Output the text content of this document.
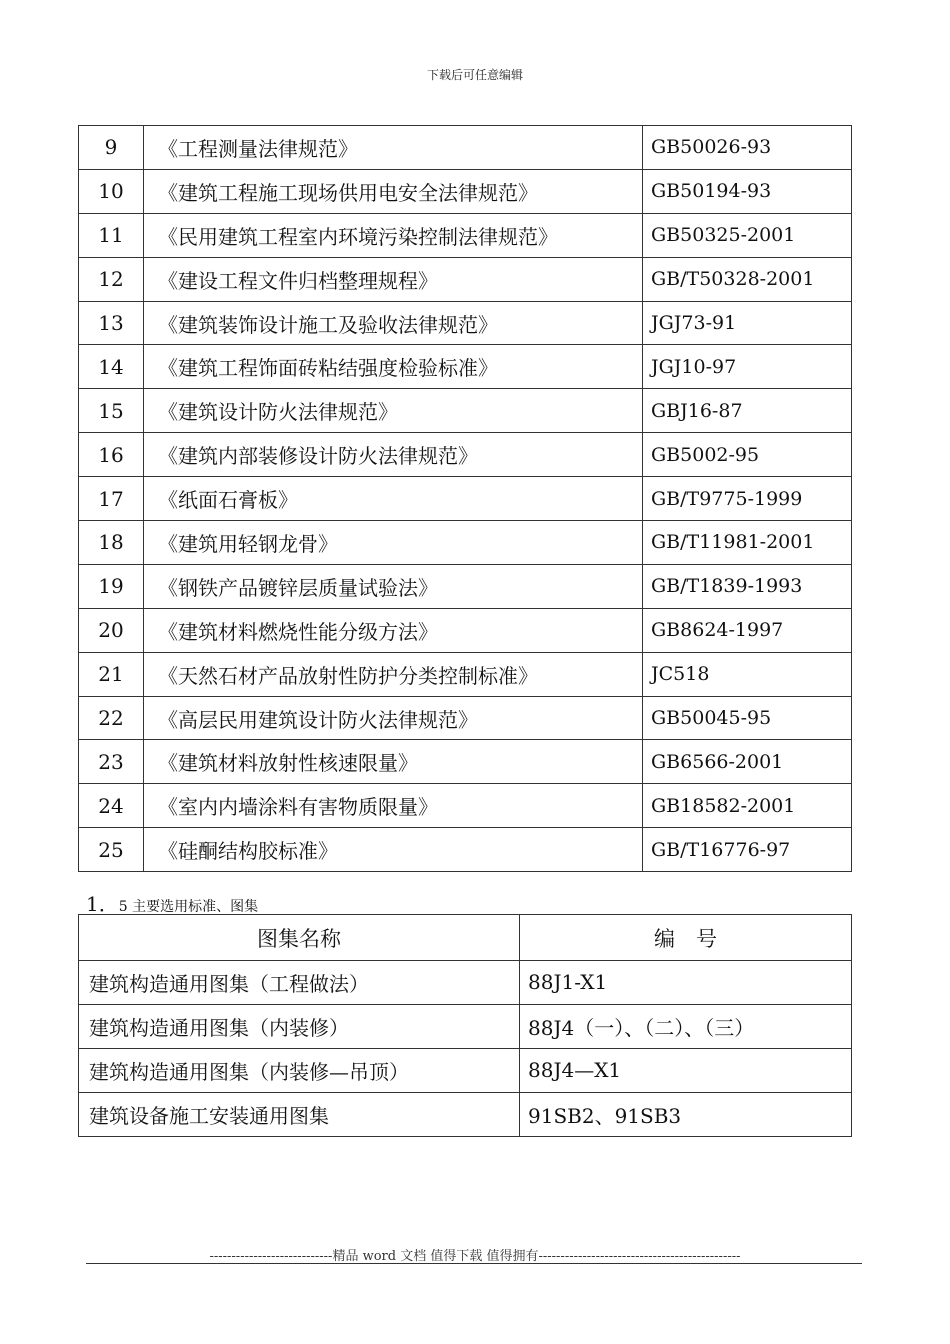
下载后可任意编辑
9	《工程测量法律规范》	GB50026-93
10	《建筑工程施工现场供用电安全法律规范》	GB50194-93
11	《民用建筑工程室内环境污染控制法律规范》	GB50325-2001
12	《建设工程文件归档整理规程》	GB/T50328-2001
13	《建筑装饰设计施工及验收法律规范》	JGJ73-91
14	《建筑工程饰面砖粘结强度检验标准》	JGJ10-97
15	《建筑设计防火法律规范》	GBJ16-87
16	《建筑内部装修设计防火法律规范》	GB5002-95
17	《纸面石膏板》	GB/T9775-1999
18	《建筑用轻钢龙骨》	GB/T11981-2001
19	《钢铁产品镀锌层质量试验法》	GB/T1839-1993
20	《建筑材料燃烧性能分级方法》	GB8624-1997
21	《天然石材产品放射性防护分类控制标准》	JC518
22	《高层民用建筑设计防火法律规范》	GB50045-95
23	《建筑材料放射性核速限量》	GB6566-2001
24	《室内内墙涂料有害物质限量》	GB18582-2001
25	《硅酮结构胶标准》	GB/T16776-97
1．5 主要选用标准、图集
图集名称	编　号
建筑构造通用图集（工程做法）	88J1-X1
建筑构造通用图集（内装修）	88J4（一）、（二）、（三）
建筑构造通用图集（内装修—吊顶）	88J4—X1
建筑设备施工安装通用图集	91SB2、91SB3
----------------------------精品 word 文档 值得下载 值得拥有----------------------------------------------
